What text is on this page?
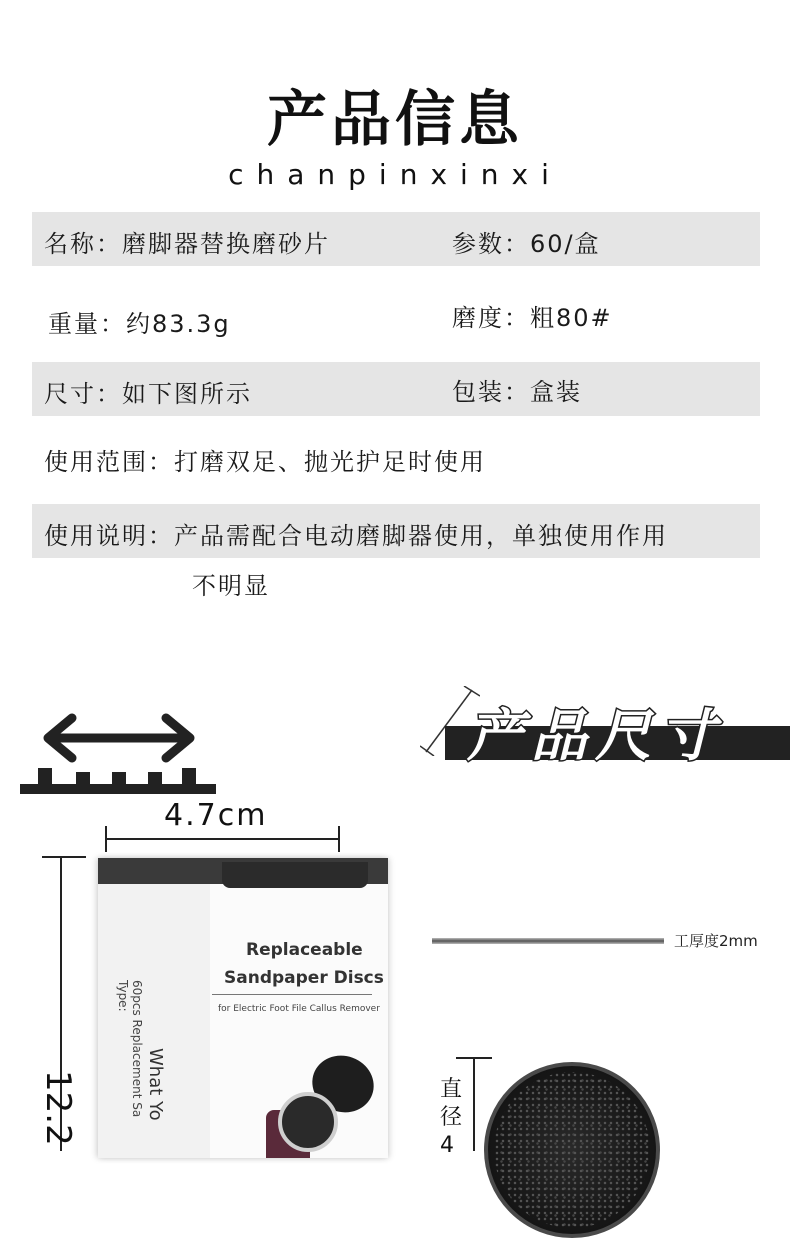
产品信息
chanpinxinxi
名称：磨脚器替换磨砂片	参数：60/盒
重量：约83.3g	磨度：粗80#
尺寸：如下图所示	包装：盒装
使用范围：打磨双足、抛光护足时使用
使用说明：产品需配合电动磨脚器使用，单独使用作用
不明显
产品尺寸
4.7cm
12.2	What Yo
60pcs Replacement Sa
Type:
Replaceable
Sandpaper Discs
for Electric Foot File Callus Remover
工厚度2mm
直径4
